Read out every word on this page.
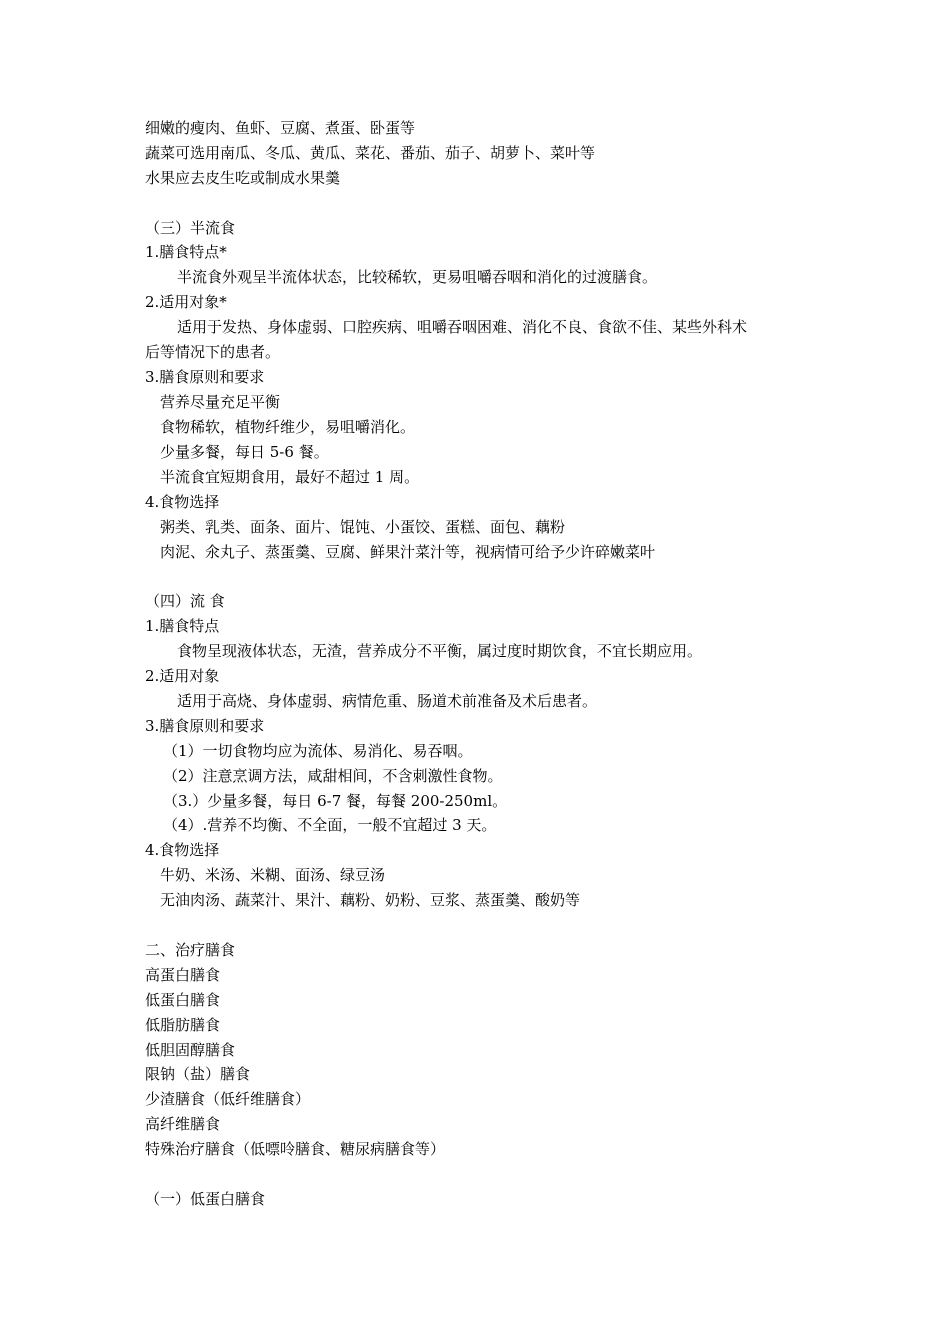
细嫩的瘦肉、鱼虾、豆腐、煮蛋、卧蛋等

蔬菜可选用南瓜、冬瓜、黄瓜、菜花、番茄、茄子、胡萝卜、菜叶等

水果应去皮生吃或制成水果羹

（三）半流食

1.膳食特点*

半流食外观呈半流体状态，比较稀软，更易咀嚼吞咽和消化的过渡膳食。

2.适用对象*

适用于发热、身体虚弱、口腔疾病、咀嚼吞咽困难、消化不良、食欲不佳、某些外科术

后等情况下的患者。

3.膳食原则和要求

营养尽量充足平衡

食物稀软，植物纤维少，易咀嚼消化。

少量多餐，每日 5-6 餐。

半流食宜短期食用，最好不超过 1 周。

4.食物选择

粥类、乳类、面条、面片、馄饨、小蛋饺、蛋糕、面包、藕粉

肉泥、氽丸子、蒸蛋羹、豆腐、鲜果汁菜汁等，视病情可给予少许碎嫩菜叶

（四）流 食

1.膳食特点

食物呈现液体状态，无渣，营养成分不平衡，属过度时期饮食，不宜长期应用。

2.适用对象

适用于高烧、身体虚弱、病情危重、肠道术前准备及术后患者。

3.膳食原则和要求

（1）一切食物均应为流体、易消化、易吞咽。

（2）注意烹调方法，咸甜相间，不含刺激性食物。

（3.）少量多餐，每日 6-7 餐，每餐 200-250ml。

（4）.营养不均衡、不全面，一般不宜超过 3 天。

4.食物选择

牛奶、米汤、米糊、面汤、绿豆汤

无油肉汤、蔬菜汁、果汁、藕粉、奶粉、豆浆、蒸蛋羹、酸奶等

二、治疗膳食

高蛋白膳食

低蛋白膳食

低脂肪膳食

低胆固醇膳食

限钠（盐）膳食

少渣膳食（低纤维膳食）

高纤维膳食

特殊治疗膳食（低嘌呤膳食、糖尿病膳食等）

（一）低蛋白膳食
